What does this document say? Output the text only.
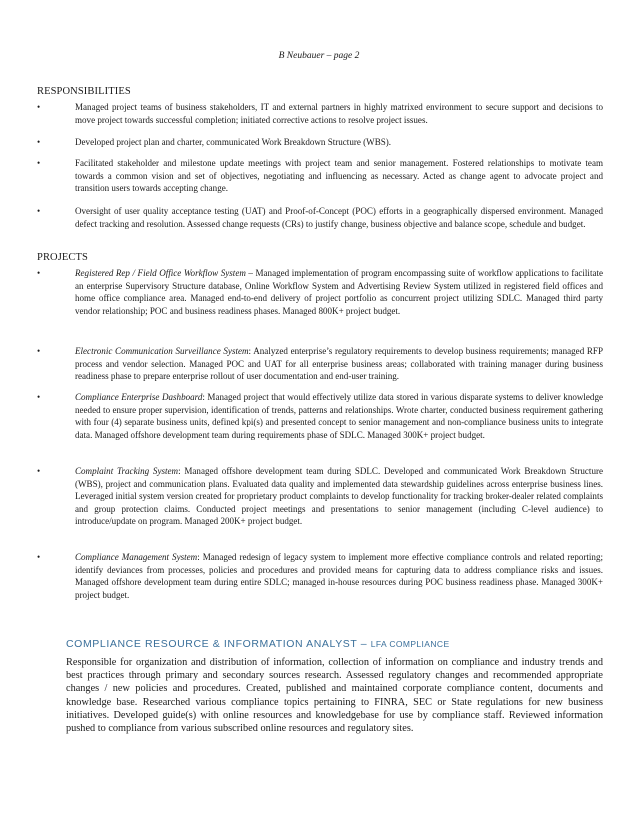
B Neubauer – page 2
RESPONSIBILITIES
•	Managed project teams of business stakeholders, IT and external partners in highly matrixed environment to secure support and decisions to move project towards successful completion; initiated corrective actions to resolve project issues.
•	Developed project plan and charter, communicated Work Breakdown Structure (WBS).
•	Facilitated stakeholder and milestone update meetings with project team and senior management. Fostered relationships to motivate team towards a common vision and set of objectives, negotiating and influencing as necessary. Acted as change agent to advocate project and transition users towards accepting change.
•	Oversight of user quality acceptance testing (UAT) and Proof-of-Concept (POC) efforts in a geographically dispersed environment. Managed defect tracking and resolution. Assessed change requests (CRs) to justify change, business objective and balance scope, schedule and budget.
PROJECTS
•	Registered Rep / Field Office Workflow System – Managed implementation of program encompassing suite of workflow applications to facilitate an enterprise Supervisory Structure database, Online Workflow System and Advertising Review System utilized in registered field offices and home office compliance area. Managed end-to-end delivery of project portfolio as concurrent project utilizing SDLC. Managed third party vendor relationship; POC and business readiness phases. Managed 800K+ project budget.
•	Electronic Communication Surveillance System: Analyzed enterprise’s regulatory requirements to develop business requirements; managed RFP process and vendor selection. Managed POC and UAT for all enterprise business areas; collaborated with training manager during business readiness phase to prepare enterprise rollout of user documentation and end-user training.
•	Compliance Enterprise Dashboard: Managed project that would effectively utilize data stored in various disparate systems to deliver knowledge needed to ensure proper supervision, identification of trends, patterns and relationships. Wrote charter, conducted business requirement gathering with four (4) separate business units, defined kpi(s) and presented concept to senior management and non-compliance business units to integrate data. Managed offshore development team during requirements phase of SDLC. Managed 300K+ project budget.
•	Complaint Tracking System: Managed offshore development team during SDLC. Developed and communicated Work Breakdown Structure (WBS), project and communication plans. Evaluated data quality and implemented data stewardship guidelines across enterprise business lines. Leveraged initial system version created for proprietary product complaints to develop functionality for tracking broker-dealer related complaints and group protection claims. Conducted project meetings and presentations to senior management (including C-level audience) to introduce/update on program. Managed 200K+ project budget.
•	Compliance Management System: Managed redesign of legacy system to implement more effective compliance controls and related reporting; identify deviances from processes, policies and procedures and provided means for capturing data to address compliance risks and issues. Managed offshore development team during entire SDLC; managed in-house resources during POC business readiness phase. Managed 300K+ project budget.
COMPLIANCE RESOURCE & INFORMATION ANALYST – LFA COMPLIANCE
Responsible for organization and distribution of information, collection of information on compliance and industry trends and best practices through primary and secondary sources research. Assessed regulatory changes and recommended appropriate changes / new policies and procedures. Created, published and maintained corporate compliance content, documents and knowledge base. Researched various compliance topics pertaining to FINRA, SEC or State regulations for new business initiatives. Developed guide(s) with online resources and knowledgebase for use by compliance staff. Reviewed information pushed to compliance from various subscribed online resources and regulatory sites.
